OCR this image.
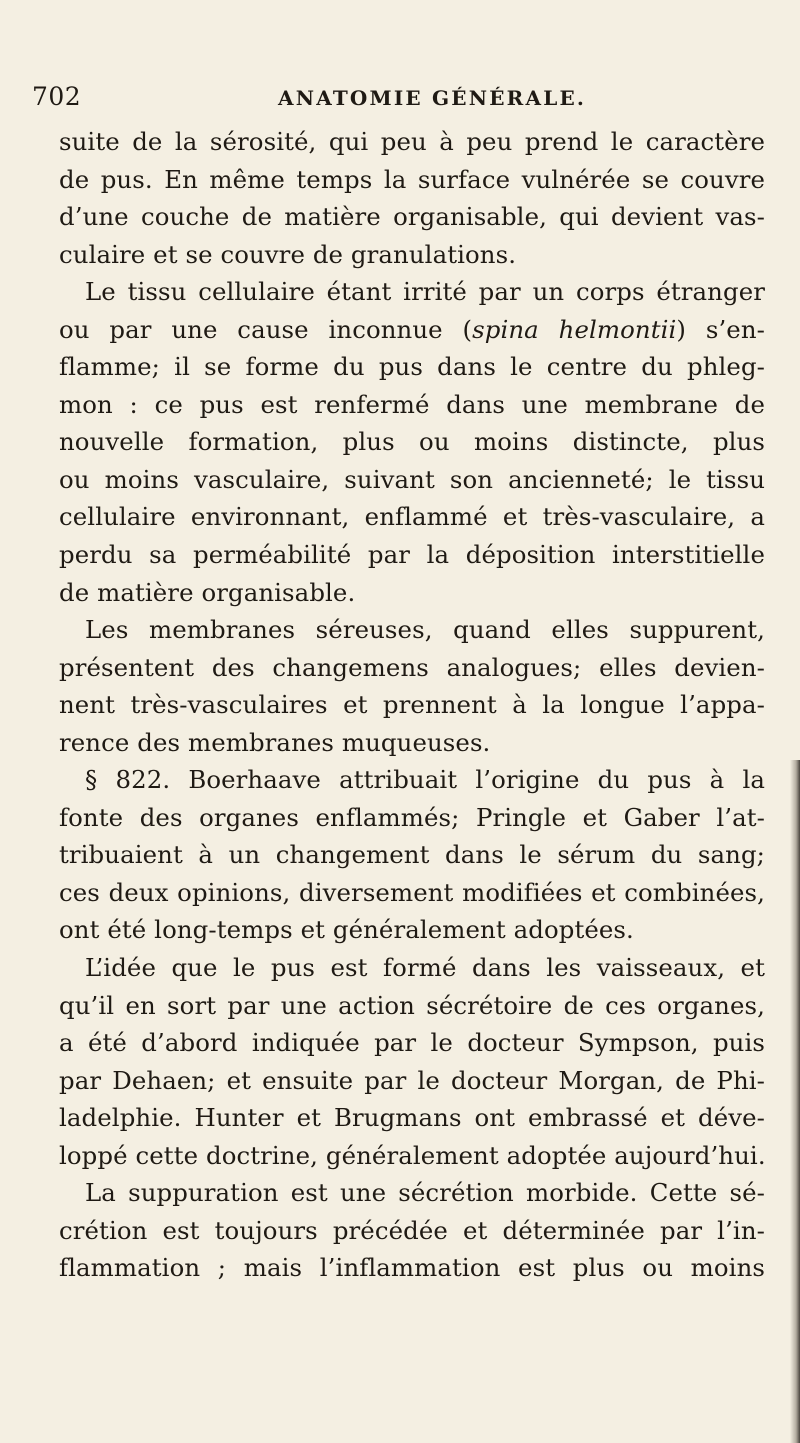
702	ANATOMIE GÉNÉRALE.
suite de la sérosité, qui peu à peu prend le caractère
de pus. En même temps la surface vulnérée se couvre
d’une couche de matière organisable, qui devient vas-
culaire et se couvre de granulations.
Le tissu cellulaire étant irrité par un corps étranger
ou par une cause inconnue (spina helmontii) s’en-
flamme; il se forme du pus dans le centre du phleg-
mon : ce pus est renfermé dans une membrane de
nouvelle formation, plus ou moins distincte, plus
ou moins vasculaire, suivant son ancienneté; le tissu
cellulaire environnant, enflammé et très-vasculaire, a
perdu sa perméabilité par la déposition interstitielle
de matière organisable.
Les membranes séreuses, quand elles suppurent,
présentent des changemens analogues; elles devien-
nent très-vasculaires et prennent à la longue l’appa-
rence des membranes muqueuses.
§ 822. Boerhaave attribuait l’origine du pus à la
fonte des organes enflammés; Pringle et Gaber l’at-
tribuaient à un changement dans le sérum du sang;
ces deux opinions, diversement modifiées et combinées,
ont été long-temps et généralement adoptées.
L’idée que le pus est formé dans les vaisseaux, et
qu’il en sort par une action sécrétoire de ces organes,
a été d’abord indiquée par le docteur Sympson, puis
par Dehaen; et ensuite par le docteur Morgan, de Phi-
ladelphie. Hunter et Brugmans ont embrassé et déve-
loppé cette doctrine, généralement adoptée aujourd’hui.
La suppuration est une sécrétion morbide. Cette sé-
crétion est toujours précédée et déterminée par l’in-
flammation ; mais l’inflammation est plus ou moins
